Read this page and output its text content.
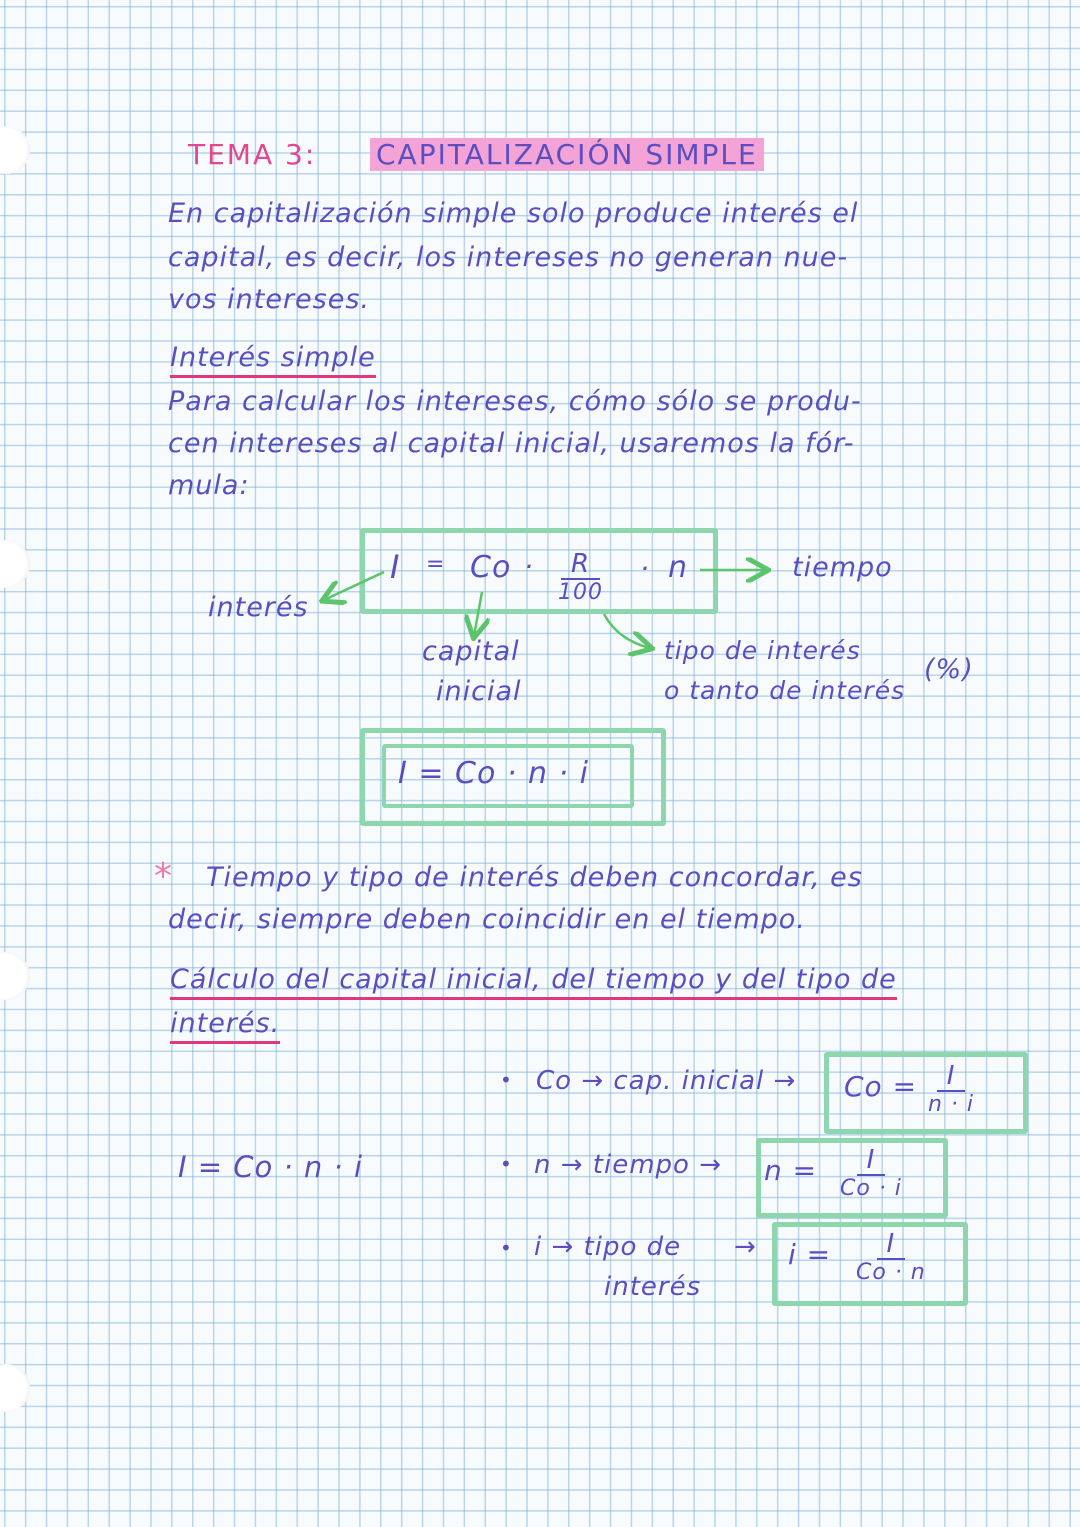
TEMA 3: CAPITALIZACIÓN SIMPLE
En capitalización simple solo produce interés el
capital, es decir, los intereses no generan nue-
vos intereses.
Interés simple
Para calcular los intereses, cómo sólo se produ-
cen intereses al capital inicial, usaremos la fór-
mula:
I = Co ·	R
100
· n
interés
tiempo
capital
inicial
tipo de interés
o tanto de interés
(%)
I = Co · n · i
* Tiempo y tipo de interés deben concordar, es
decir, siempre deben coincidir en el tiempo.
Cálculo del capital inicial, del tiempo y del tipo de
interés.
I = Co · n · i
• Co → cap. inicial → Co =	I
n · i
• n → tiempo → n =	I
Co · i
• i → tipo de
interés
→ i =	I
Co · n
